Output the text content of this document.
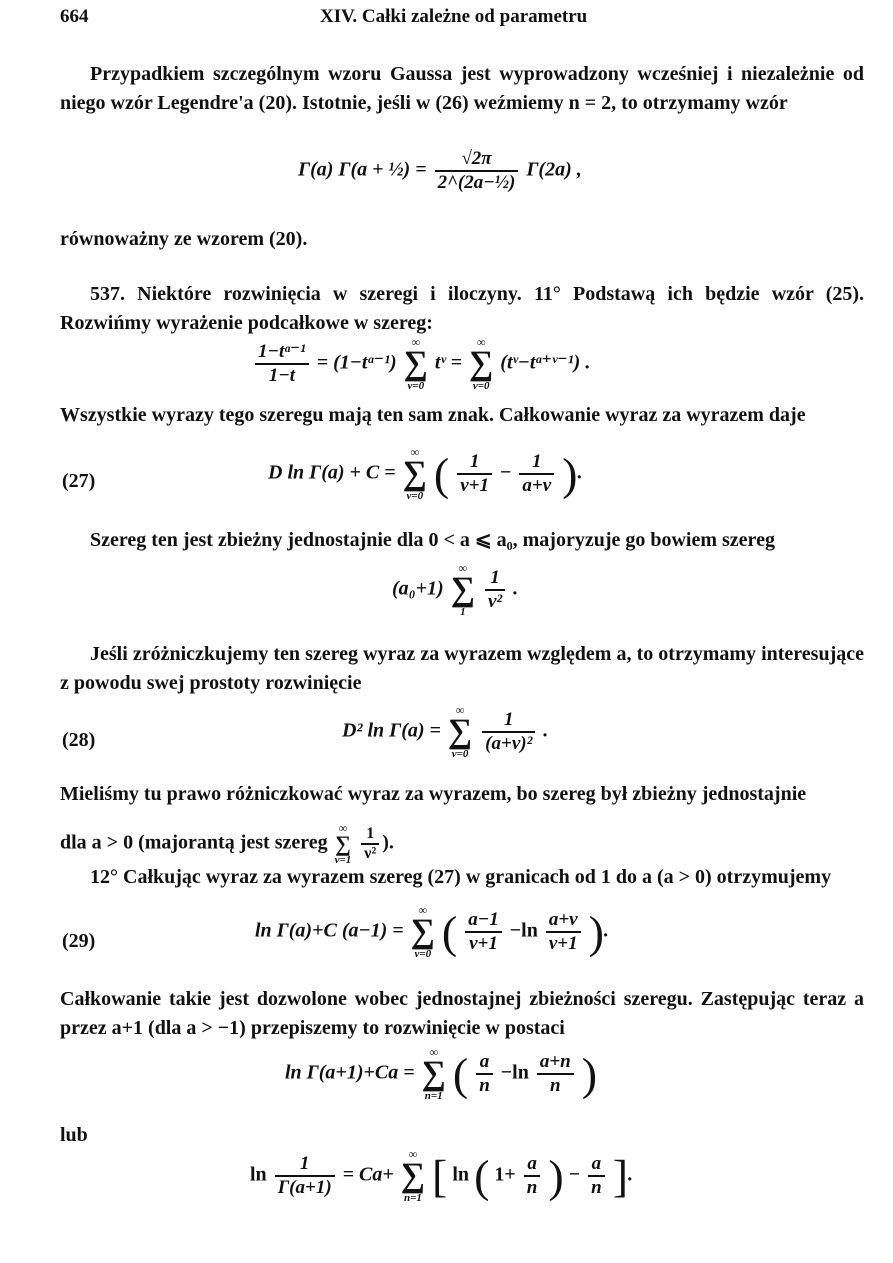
664	XIV. Całki zależne od parametru
Przypadkiem szczególnym wzoru Gaussa jest wyprowadzony wcześniej i niezależnie od niego wzór Legendre'a (20). Istotnie, jeśli w (26) weźmiemy n = 2, to otrzymamy wzór
Γ(a) Γ(a + ½) = $\frac{√2\pi}{\text{2\textasciicircum{}(2a−½)}} \Gamma(2a)$ ,
równoważny ze wzorem (20).
537. Niektóre rozwinięcia w szeregi i iloczyny. 11° Podstawą ich będzie wzór (25). Rozwińmy wyrażenie podcałkowe w szereg:
$\frac{\text{1−tᵃ⁻¹}}{1-t}$ = (1−tᵃ⁻¹)
∞
∑
ν=0
tᵛ =
∞
∑
ν=0
(tᵛ−tᵃ⁺ᵛ⁻¹) .
Wszystkie wyrazy tego szeregu mają ten sam znak. Całkowanie wyraz za wyrazem daje
(27)	D ln Γ(a) + C =
∞
∑
ν=0 ( $\frac{1}{\nu+1} - \frac{1}{a+\nu}$ ).
Szereg ten jest zbieżny jednostajnie dla 0 < a ⩽ a₀, majoryzuje go bowiem szereg
(a₀+1)
∞
∑
1
	$\frac{1}{\text{ν²}}$ .
Jeśli zróżniczkujemy ten szereg wyraz za wyrazem względem a, to otrzymamy interesujące z powodu swej prostoty rozwinięcie
(28)	D² ln Γ(a) =
∞
∑
ν=0
$\frac{1}{\text{(a+ν)²}}$ .
Mieliśmy tu prawo różniczkować wyraz za wyrazem, bo szereg był zbieżny jednostajnie
dla a > 0 (majorantą jest szereg
∞
∑
ν=1
$\frac{1}{\text{ν²}}$ ).
12° Całkując wyraz za wyrazem szereg (27) w granicach od 1 do a (a > 0) otrzymujemy
(29)	ln Γ(a)+C (a−1) =
∞
∑
ν=0 ( $\frac{a-1}{\nu+1} -\ln \frac{a+\nu}{\nu+1}$ ).
Całkowanie takie jest dozwolone wobec jednostajnej zbieżności szeregu. Zastępując teraz a przez a+1 (dla a > −1) przepiszemy to rozwinięcie w postaci
ln Γ(a+1)+Ca =
∞
∑
n=1 ( $\frac{a}{n} -\ln \frac{a+n}{n}$ )
lub
$\ln \frac{1}{\Gamma(a+1)} = Ca+$
∞
∑
n=1 [ ln ( $1+ \frac{a}{n}$ ) − $\frac{a}{n}$ ].
